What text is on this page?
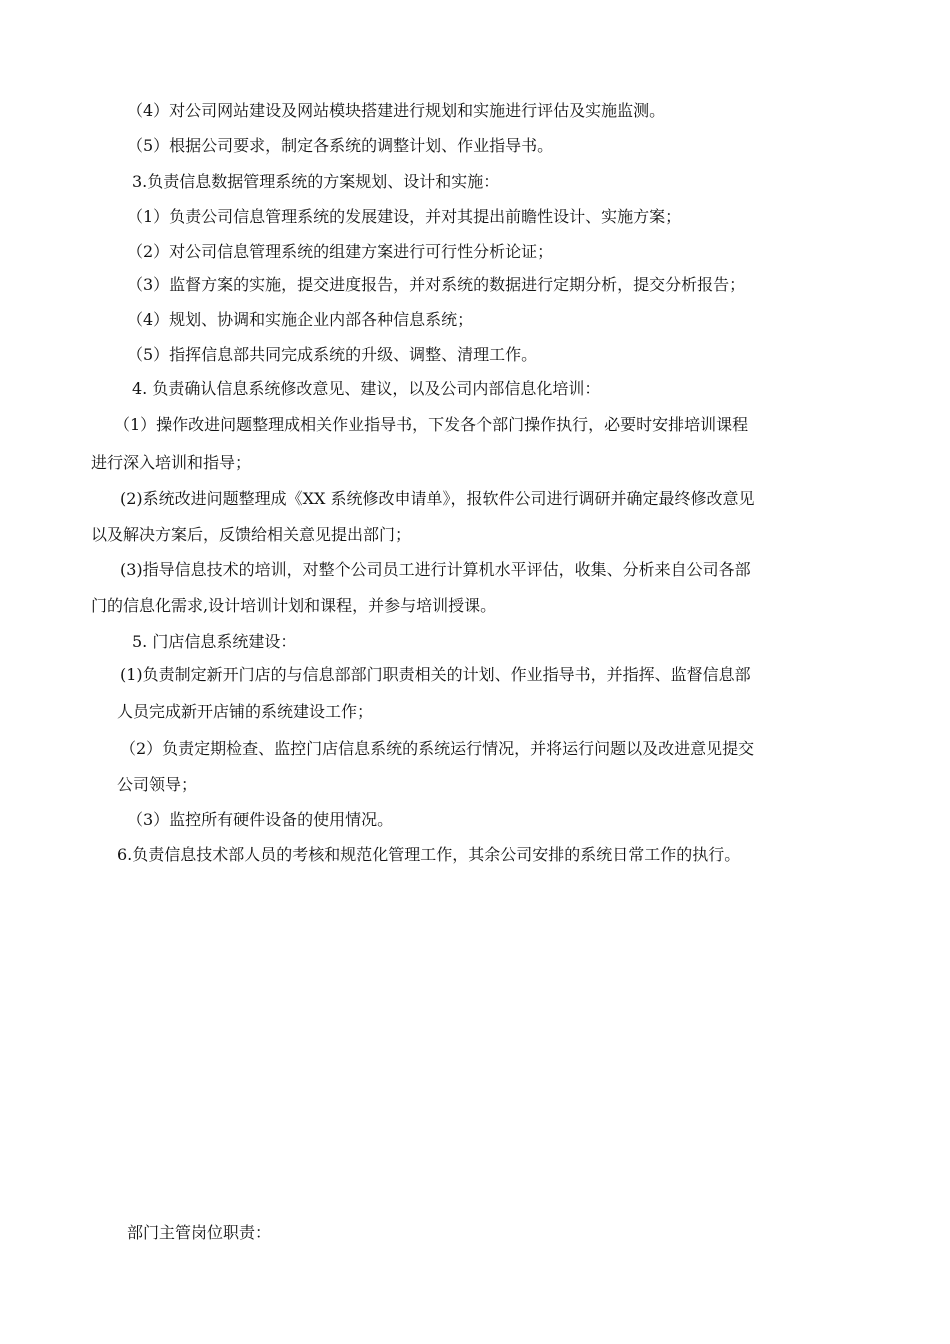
（4）对公司网站建设及网站模块搭建进行规划和实施进行评估及实施监测。
（5）根据公司要求，制定各系统的调整计划、作业指导书。
3.负责信息数据管理系统的方案规划、设计和实施：
（1）负责公司信息管理系统的发展建设，并对其提出前瞻性设计、实施方案；
（2）对公司信息管理系统的组建方案进行可行性分析论证；
（3）监督方案的实施，提交进度报告，并对系统的数据进行定期分析，提交分析报告；
（4）规划、协调和实施企业内部各种信息系统；
（5）指挥信息部共同完成系统的升级、调整、清理工作。
4. 负责确认信息系统修改意见、建议，以及公司内部信息化培训：
（1）操作改进问题整理成相关作业指导书，下发各个部门操作执行，必要时安排培训课程
进行深入培训和指导；
(2)系统改进问题整理成《XX 系统修改申请单》，报软件公司进行调研并确定最终修改意见
以及解决方案后，反馈给相关意见提出部门；
(3)指导信息技术的培训，对整个公司员工进行计算机水平评估，收集、分析来自公司各部
门的信息化需求,设计培训计划和课程，并参与培训授课。
5. 门店信息系统建设：
(1)负责制定新开门店的与信息部部门职责相关的计划、作业指导书，并指挥、监督信息部
人员完成新开店铺的系统建设工作；
（2）负责定期检查、监控门店信息系统的系统运行情况，并将运行问题以及改进意见提交
公司领导；
（3）监控所有硬件设备的使用情况。
6.负责信息技术部人员的考核和规范化管理工作，其余公司安排的系统日常工作的执行。
部门主管岗位职责：
